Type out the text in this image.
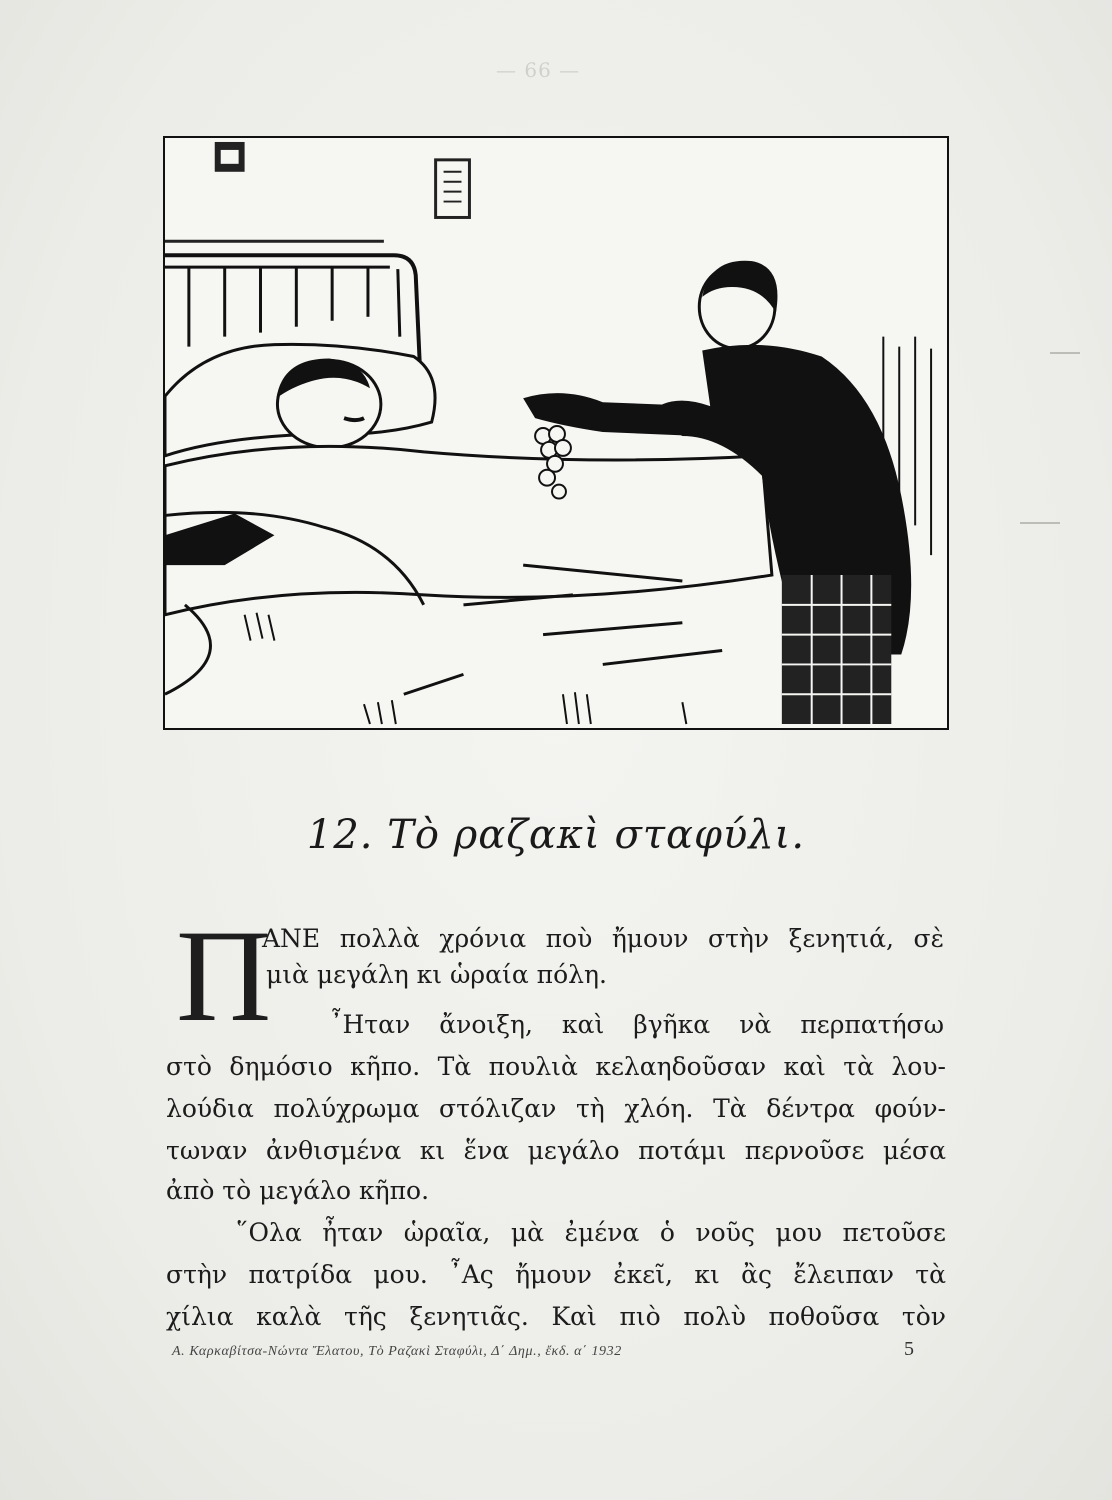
— 66 —
12. Τὸ ραζακὶ σταφύλι.
Π
ΑΝΕ πολλὰ χρόνια ποὺ ἤμουν στὴν ξενητιά, σὲ
μιὰ μεγάλη κι ὡραία πόλη.
῏Ηταν ἄνοιξη, καὶ βγῆκα νὰ περπατήσω
στὸ δημόσιο κῆπο. Τὰ πουλιὰ κελαηδοῦσαν καὶ τὰ λου-
λούδια πολύχρωμα στόλιζαν τὴ χλόη. Τὰ δέντρα φούν-
τωναν ἀνθισμένα κι ἕνα μεγάλο ποτάμι περνοῦσε μέσα
ἀπὸ τὸ μεγάλο κῆπο.
῞Ολα ἦταν ὡραῖα, μὰ ἐμένα ὁ νοῦς μου πετοῦσε
στὴν πατρίδα μου. ῏Ας ἤμουν ἐκεῖ, κι ἂς ἔλειπαν τὰ
χίλια καλὰ τῆς ξενητιᾶς. Καὶ πιὸ πολὺ ποθοῦσα τὸν
Α. Καρκαβίτσα-Νώντα Ἔλατου, Τὸ Ραζακὶ Σταφύλι, Δ΄ Δημ., ἔκδ. α΄ 1932	5
